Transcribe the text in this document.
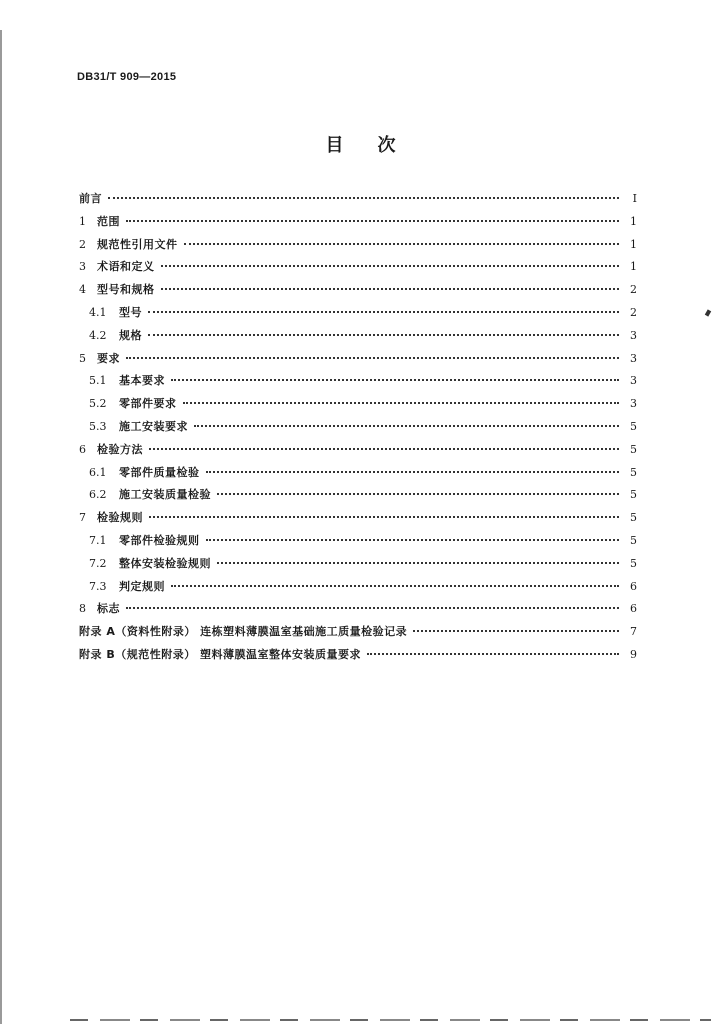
DB31/T 909—2015
目 次
前言	Ⅰ
1	范围	1
2	规范性引用文件	1
3	术语和定义	1
4	型号和规格	2
4.1	型号	2
4.2	规格	3
5	要求	3
5.1	基本要求	3
5.2	零部件要求	3
5.3	施工安装要求	5
6	检验方法	5
6.1	零部件质量检验	5
6.2	施工安装质量检验	5
7	检验规则	5
7.1	零部件检验规则	5
7.2	整体安装检验规则	5
7.3	判定规则	6
8	标志	6
附录 A（资料性附录） 连栋塑料薄膜温室基础施工质量检验记录	7
附录 B（规范性附录） 塑料薄膜温室整体安装质量要求	9
